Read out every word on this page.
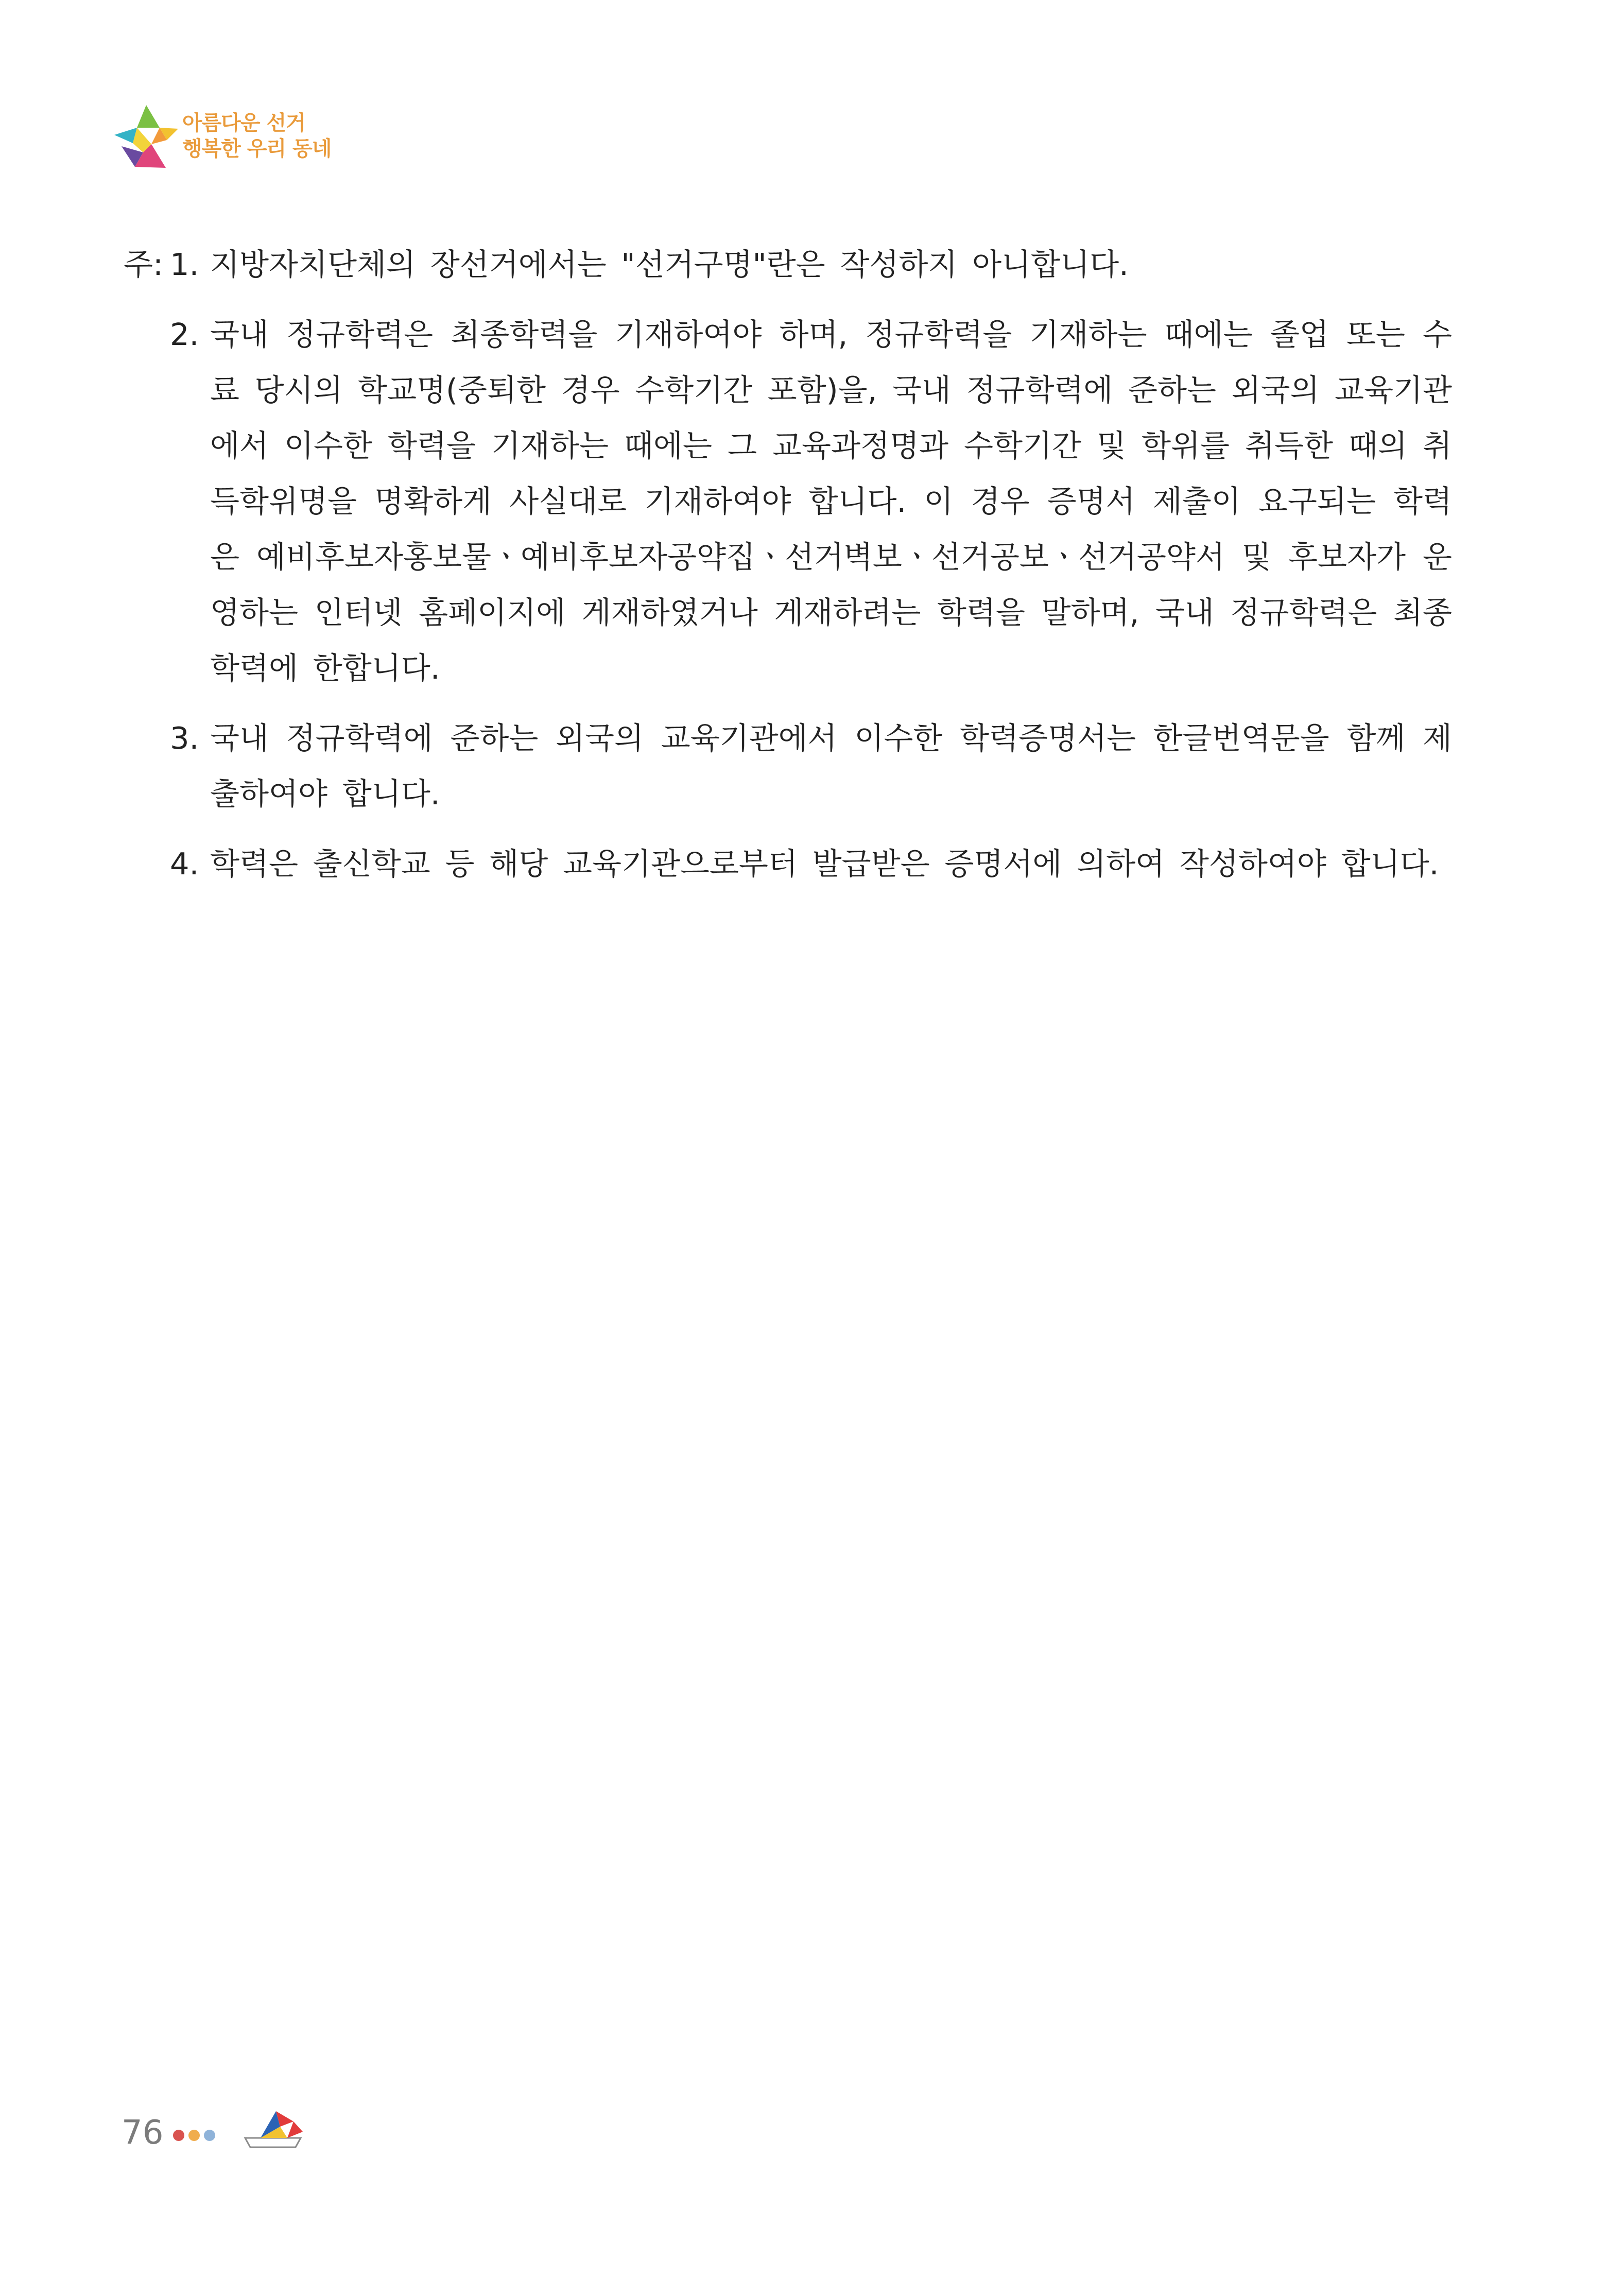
아름다운 선거
행복한 우리 동네
주: 1. 지방자치단체의 장선거에서는 "선거구명"란은 작성하지 아니합니다.
2. 국내 정규학력은 최종학력을 기재하여야 하며, 정규학력을 기재하는 때에는 졸업 또는 수료 당시의 학교명(중퇴한 경우 수학기간 포함)을, 국내 정규학력에 준하는 외국의 교육기관에서 이수한 학력을 기재하는 때에는 그 교육과정명과 수학기간 및 학위를 취득한 때의 취득학위명을 명확하게 사실대로 기재하여야 합니다. 이 경우 증명서 제출이 요구되는 학력은 예비후보자홍보물ㆍ예비후보자공약집ㆍ선거벽보ㆍ선거공보ㆍ선거공약서 및 후보자가 운영하는 인터넷 홈페이지에 게재하였거나 게재하려는 학력을 말하며, 국내 정규학력은 최종학력에 한합니다.
3. 국내 정규학력에 준하는 외국의 교육기관에서 이수한 학력증명서는 한글번역문을 함께 제출하여야 합니다.
4. 학력은 출신학교 등 해당 교육기관으로부터 발급받은 증명서에 의하여 작성하여야 합니다.
76
